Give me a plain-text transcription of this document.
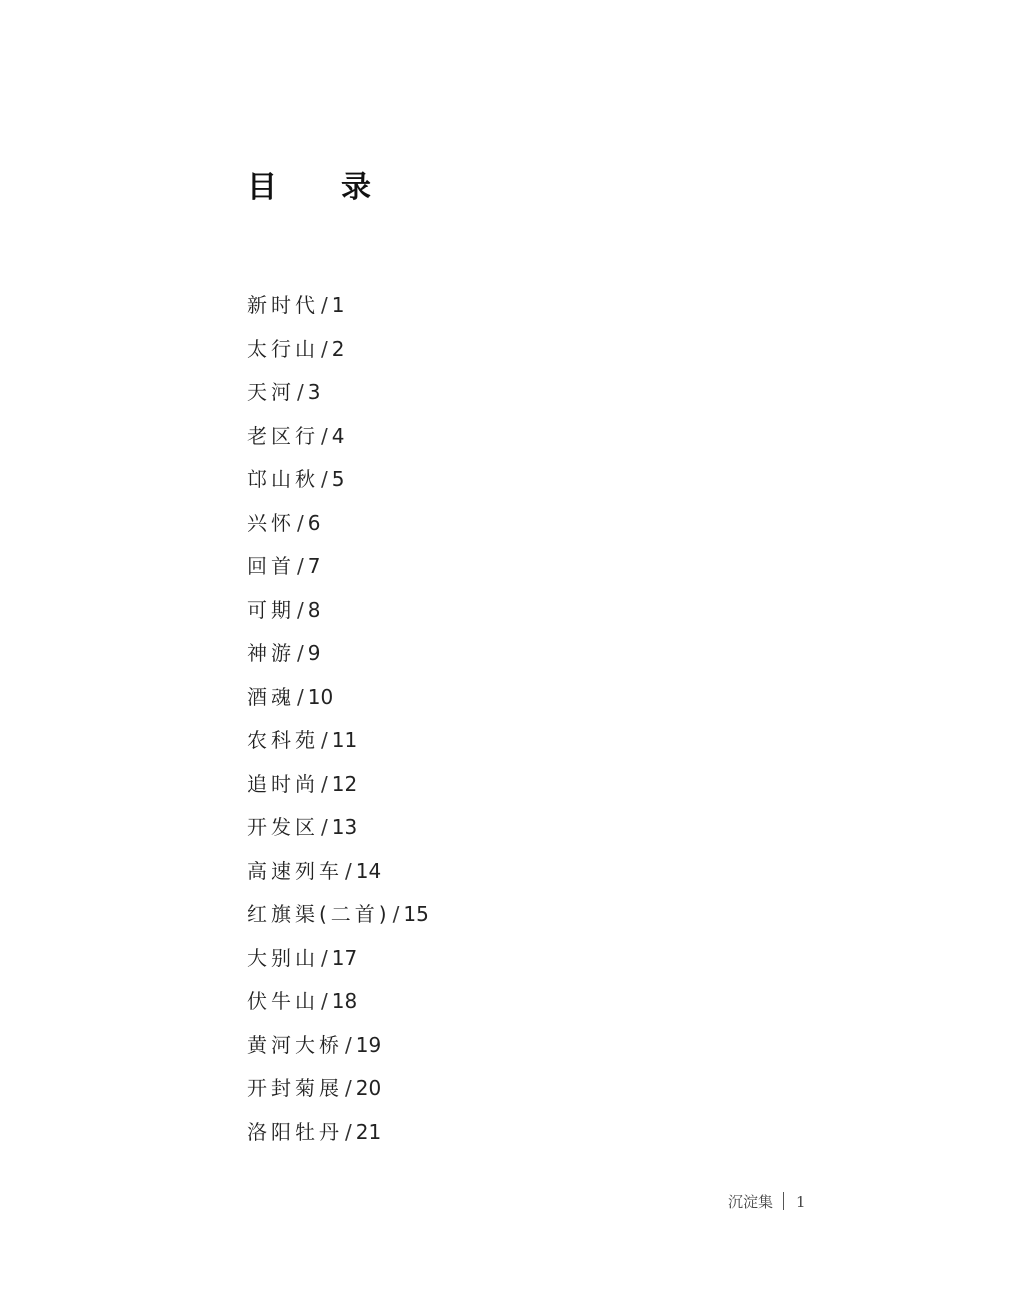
目 录
新时代 / 1
太行山 / 2
天河 / 3
老区行 / 4
邙山秋 / 5
兴怀 / 6
回首 / 7
可期 / 8
神游 / 9
酒魂 / 10
农科苑 / 11
追时尚 / 12
开发区 / 13
高速列车 / 14
红旗渠(二首) / 15
大别山 / 17
伏牛山 / 18
黄河大桥 / 19
开封菊展 / 20
洛阳牡丹 / 21
沉淀集 1
